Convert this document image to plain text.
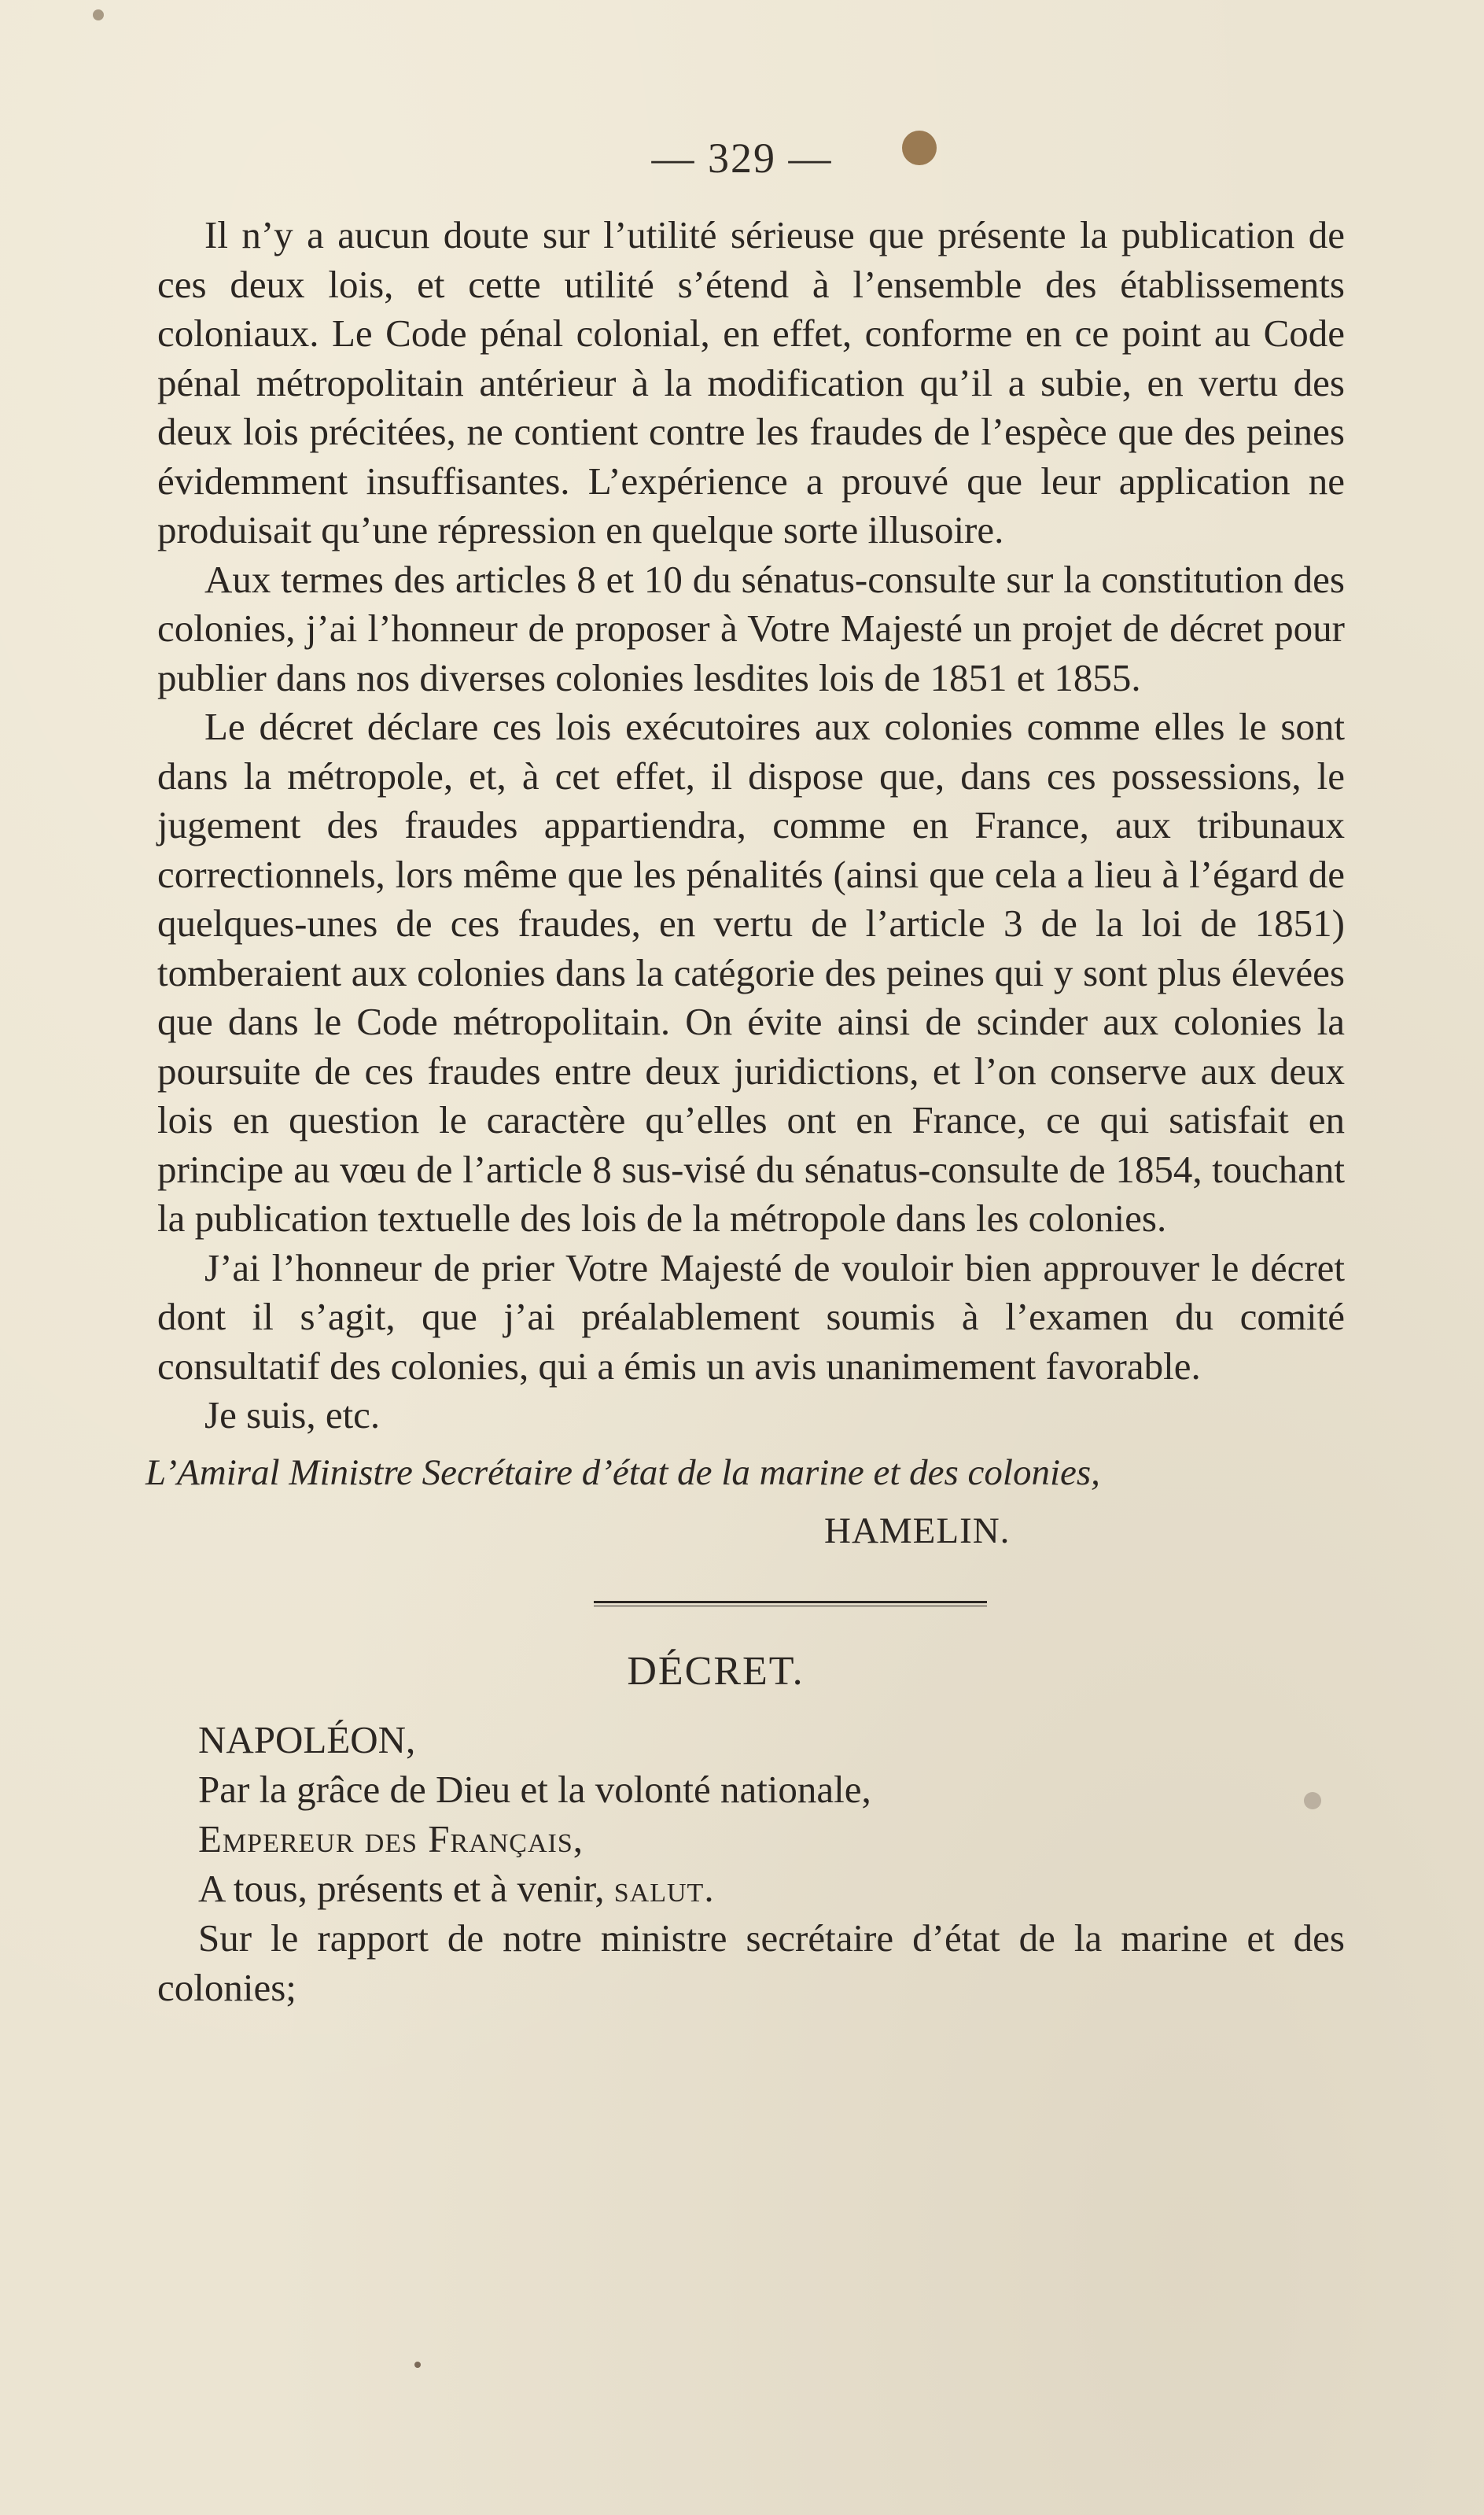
— 329 —

Il n’y a aucun doute sur l’utilité sérieuse que présente la publication de ces deux lois, et cette utilité s’étend à l’ensemble des établissements coloniaux. Le Code pénal colonial, en effet, conforme en ce point au Code pénal métropolitain antérieur à la modification qu’il a subie, en vertu des deux lois précitées, ne contient contre les fraudes de l’espèce que des peines évidemment insuffisantes. L’expérience a prouvé que leur application ne produisait qu’une répression en quelque sorte illusoire.

Aux termes des articles 8 et 10 du sénatus-consulte sur la constitution des colonies, j’ai l’honneur de proposer à Votre Majesté un projet de décret pour publier dans nos diverses colonies lesdites lois de 1851 et 1855.

Le décret déclare ces lois exécutoires aux colonies comme elles le sont dans la métropole, et, à cet effet, il dispose que, dans ces possessions, le jugement des fraudes appartiendra, comme en France, aux tribunaux correctionnels, lors même que les pénalités (ainsi que cela a lieu à l’égard de quelques-unes de ces fraudes, en vertu de l’article 3 de la loi de 1851) tomberaient aux colonies dans la catégorie des peines qui y sont plus élevées que dans le Code métropolitain. On évite ainsi de scinder aux colonies la poursuite de ces fraudes entre deux juridictions, et l’on conserve aux deux lois en question le caractère qu’elles ont en France, ce qui satisfait en principe au vœu de l’article 8 sus-visé du sénatus-consulte de 1854, touchant la publication textuelle des lois de la métropole dans les colonies.

J’ai l’honneur de prier Votre Majesté de vouloir bien approuver le décret dont il s’agit, que j’ai préalablement soumis à l’examen du comité consultatif des colonies, qui a émis un avis unanimement favorable.

Je suis, etc.

L’Amiral Ministre Secrétaire d’état de la marine et des colonies,
HAMELIN.
DÉCRET.

NAPOLÉON,

Par la grâce de Dieu et la volonté nationale,

Empereur des Français,

A tous, présents et à venir, salut.

Sur le rapport de notre ministre secrétaire d’état de la marine et des colonies;
